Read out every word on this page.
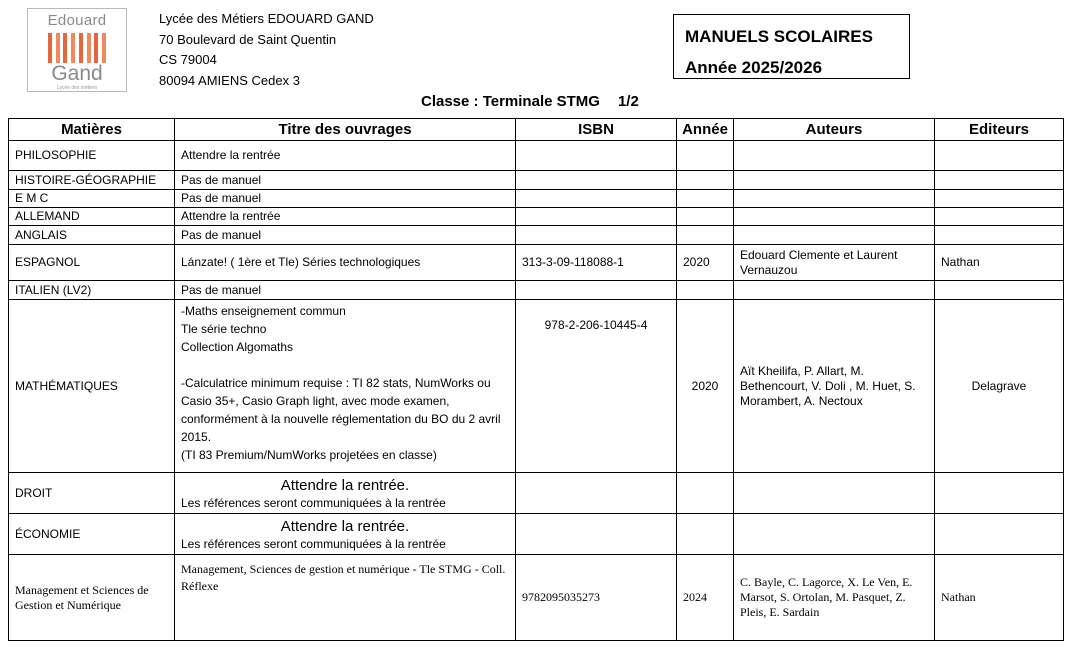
Edouard
Gand
Lycée des métiers
Lycée des Métiers EDOUARD GAND
70 Boulevard de Saint Quentin
CS 79004
80094 AMIENS Cedex 3
MANUELS SCOLAIRES
Année 2025/2026
Classe : Terminale STMG 1/2
Matières	Titre des ouvrages	ISBN	Année	Auteurs	Editeurs
PHILOSOPHIE	Attendre la rentrée				
HISTOIRE-GÉOGRAPHIE	Pas de manuel				
E M C	Pas de manuel				
ALLEMAND	Attendre la rentrée				
ANGLAIS	Pas de manuel				
ESPAGNOL	Lánzate! ( 1ère et Tle) Séries technologiques	313-3-09-118088-1	2020	Edouard Clemente et Laurent Vernauzou	Nathan
ITALIEN (LV2)	Pas de manuel				
MATHÉMATIQUES	-Maths enseignement commun
Tle série techno
Collection Algomaths
-Calculatrice minimum requise : TI 82 stats, NumWorks ou Casio 35+, Casio Graph light, avec mode examen, conformément à la nouvelle réglementation du BO du 2 avril 2015.
(TI 83 Premium/NumWorks projetées en classe)	978-2-206-10445-4	2020	Aït Kheilifa, P. Allart, M. Bethencourt, V. Doli , M. Huet, S. Morambert, A. Nectoux	Delagrave
DROIT	Attendre la rentrée.
Les références seront communiquées à la rentrée				

ÉCONOMIE	Attendre la rentrée.
Les références seront communiquées à la rentrée				

Management et Sciences de Gestion et Numérique	Management, Sciences de gestion et numérique - Tle STMG - Coll. Réflexe	9782095035273	2024	C. Bayle, C. Lagorce, X. Le Ven, E. Marsot, S. Ortolan, M. Pasquet, Z. Pleis, E. Sardain	Nathan
